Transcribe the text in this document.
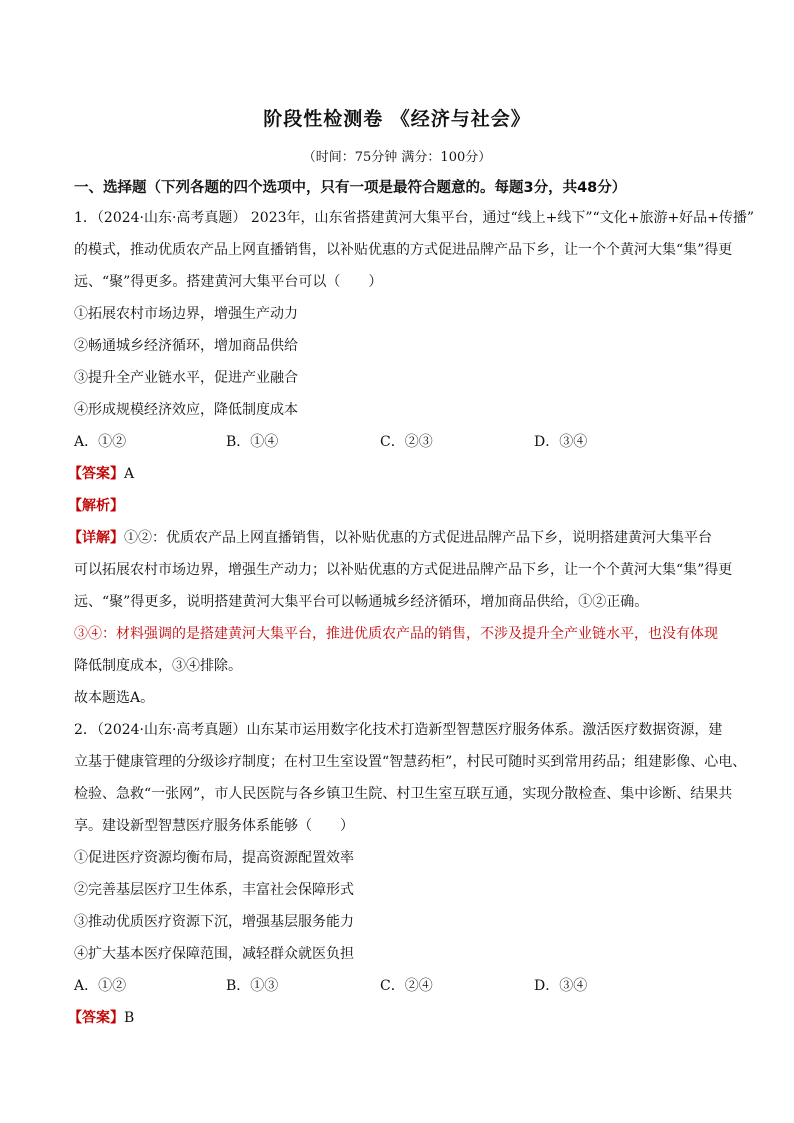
阶段性检测卷 《经济与社会》
（时间：75分钟 满分：100分）
一、选择题（下列各题的四个选项中，只有一项是最符合题意的。每题3分，共48分）
1．（2024·山东·高考真题） 2023年，山东省搭建黄河大集平台，通过“线上+线下”“文化+旅游+好品+传播”
的模式，推动优质农产品上网直播销售，以补贴优惠的方式促进品牌产品下乡，让一个个黄河大集“集”得更
远、“聚”得更多。搭建黄河大集平台可以（　　）
①拓展农村市场边界，增强生产动力
②畅通城乡经济循环，增加商品供给
③提升全产业链水平，促进产业融合
④形成规模经济效应，降低制度成本
A．①②	B．①④	C．②③	D．③④
【答案】A
【解析】
【详解】①②：优质农产品上网直播销售，以补贴优惠的方式促进品牌产品下乡，说明搭建黄河大集平台
可以拓展农村市场边界，增强生产动力；以补贴优惠的方式促进品牌产品下乡，让一个个黄河大集“集”得更
远、“聚”得更多，说明搭建黄河大集平台可以畅通城乡经济循环，增加商品供给，①②正确。
③④：材料强调的是搭建黄河大集平台，推进优质农产品的销售，不涉及提升全产业链水平，也没有体现
降低制度成本，③④排除。
故本题选A。
2．（2024·山东·高考真题）山东某市运用数字化技术打造新型智慧医疗服务体系。激活医疗数据资源，建
立基于健康管理的分级诊疗制度；在村卫生室设置“智慧药柜”，村民可随时买到常用药品；组建影像、心电、
检验、急救“一张网”，市人民医院与各乡镇卫生院、村卫生室互联互通，实现分散检查、集中诊断、结果共
享。建设新型智慧医疗服务体系能够（　　）
①促进医疗资源均衡布局，提高资源配置效率
②完善基层医疗卫生体系，丰富社会保障形式
③推动优质医疗资源下沉，增强基层服务能力
④扩大基本医疗保障范围，减轻群众就医负担
A．①②	B．①③	C．②④	D．③④
【答案】B
